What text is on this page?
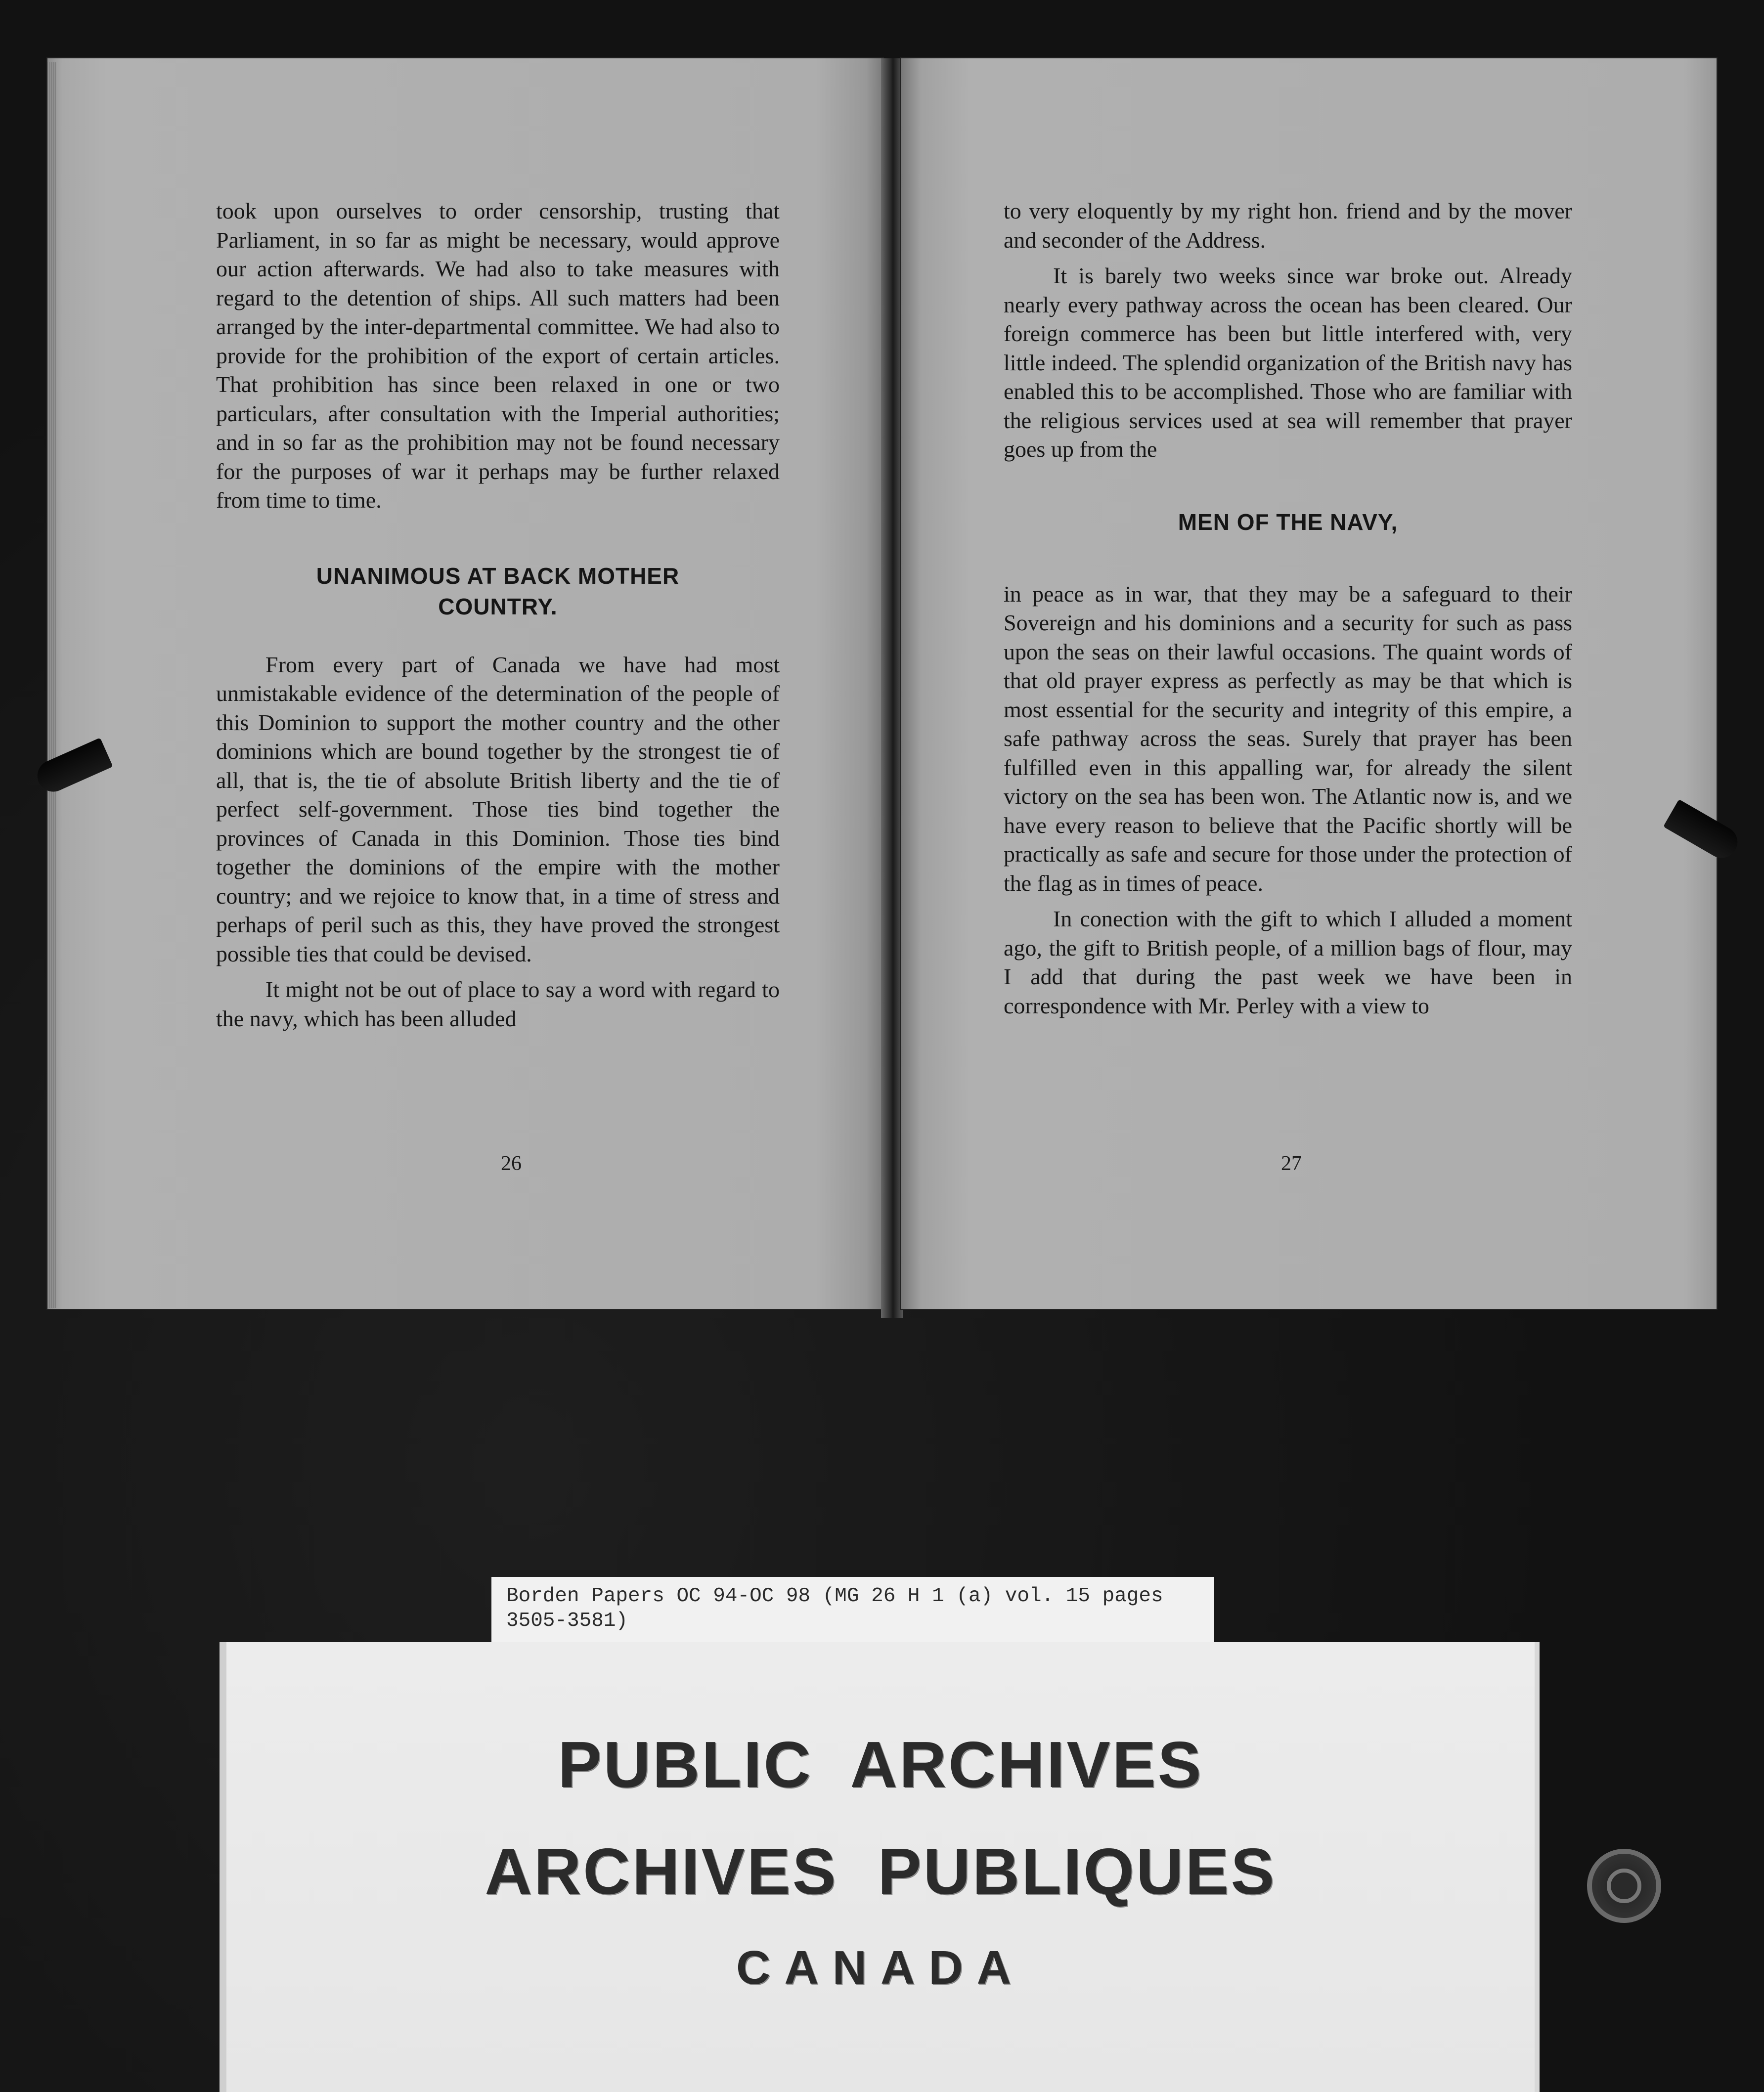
took upon ourselves to order censorship, trusting that Parliament, in so far as might be necessary, would approve our action afterwards. We had also to take measures with regard to the detention of ships. All such matters had been arranged by the inter-departmental committee. We had also to provide for the prohibition of the export of certain articles. That prohibition has since been relaxed in one or two particulars, after consultation with the Imperial authorities; and in so far as the prohibition may not be found necessary for the purposes of war it perhaps may be further relaxed from time to time.

UNANIMOUS AT BACK MOTHER
COUNTRY.

From every part of Canada we have had most unmistakable evidence of the determination of the people of this Dominion to support the mother country and the other dominions which are bound together by the strongest tie of all, that is, the tie of absolute British liberty and the tie of perfect self-government. Those ties bind together the provinces of Canada in this Dominion. Those ties bind together the dominions of the empire with the mother country; and we rejoice to know that, in a time of stress and perhaps of peril such as this, they have proved the strongest possible ties that could be devised.

It might not be out of place to say a word with regard to the navy, which has been alluded

26

to very eloquently by my right hon. friend and by the mover and seconder of the Address.

It is barely two weeks since war broke out. Already nearly every pathway across the ocean has been cleared. Our foreign commerce has been but little interfered with, very little indeed. The splendid organization of the British navy has enabled this to be accomplished. Those who are familiar with the religious services used at sea will remember that prayer goes up from the

MEN OF THE NAVY,

in peace as in war, that they may be a safeguard to their Sovereign and his dominions and a security for such as pass upon the seas on their lawful occasions. The quaint words of that old prayer express as perfectly as may be that which is most essential for the security and integrity of this empire, a safe pathway across the seas. Surely that prayer has been fulfilled even in this appalling war, for already the silent victory on the sea has been won. The Atlantic now is, and we have every reason to believe that the Pacific shortly will be practically as safe and secure for those under the protection of the flag as in times of peace.

In conection with the gift to which I alluded a moment ago, the gift to British people, of a million bags of flour, may I add that during the past week we have been in correspondence with Mr. Perley with a view to

27
Borden Papers OC 94-OC 98 (MG 26 H 1 (a) vol. 15 pages
3505-3581)
PUBLIC ARCHIVES
ARCHIVES PUBLIQUES
CANADA
